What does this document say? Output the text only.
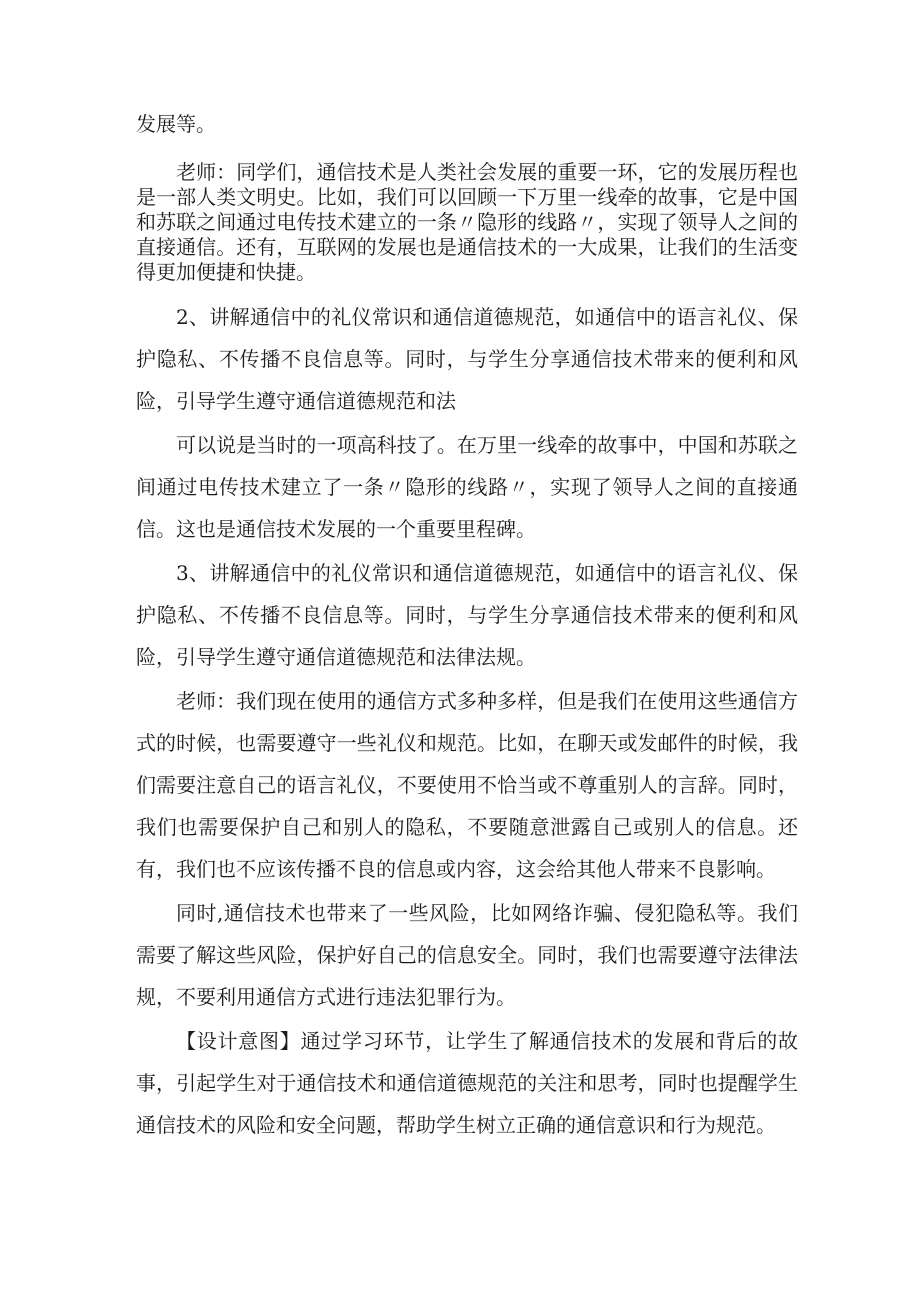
发展等。

老师：同学们，通信技术是人类社会发展的重要一环，它的发展历程也是一部人类文明史。比如，我们可以回顾一下万里一线牵的故事，它是中国和苏联之间通过电传技术建立的一条〃隐形的线路〃，实现了领导人之间的直接通信。还有，互联网的发展也是通信技术的一大成果，让我们的生活变得更加便捷和快捷。

2、讲解通信中的礼仪常识和通信道德规范，如通信中的语言礼仪、保护隐私、不传播不良信息等。同时，与学生分享通信技术带来的便利和风险，引导学生遵守通信道德规范和法

可以说是当时的一项高科技了。在万里一线牵的故事中，中国和苏联之间通过电传技术建立了一条〃隐形的线路〃，实现了领导人之间的直接通信。这也是通信技术发展的一个重要里程碑。

3、讲解通信中的礼仪常识和通信道德规范，如通信中的语言礼仪、保护隐私、不传播不良信息等。同时，与学生分享通信技术带来的便利和风险，引导学生遵守通信道德规范和法律法规。

老师：我们现在使用的通信方式多种多样，但是我们在使用这些通信方式的时候，也需要遵守一些礼仪和规范。比如，在聊天或发邮件的时候，我们需要注意自己的语言礼仪，不要使用不恰当或不尊重别人的言辞。同时，我们也需要保护自己和别人的隐私，不要随意泄露自己或别人的信息。还有，我们也不应该传播不良的信息或内容，这会给其他人带来不良影响。

同时,通信技术也带来了一些风险，比如网络诈骗、侵犯隐私等。我们需要了解这些风险，保护好自己的信息安全。同时，我们也需要遵守法律法规，不要利用通信方式进行违法犯罪行为。

【设计意图】通过学习环节，让学生了解通信技术的发展和背后的故事，引起学生对于通信技术和通信道德规范的关注和思考，同时也提醒学生通信技术的风险和安全问题，帮助学生树立正确的通信意识和行为规范。
